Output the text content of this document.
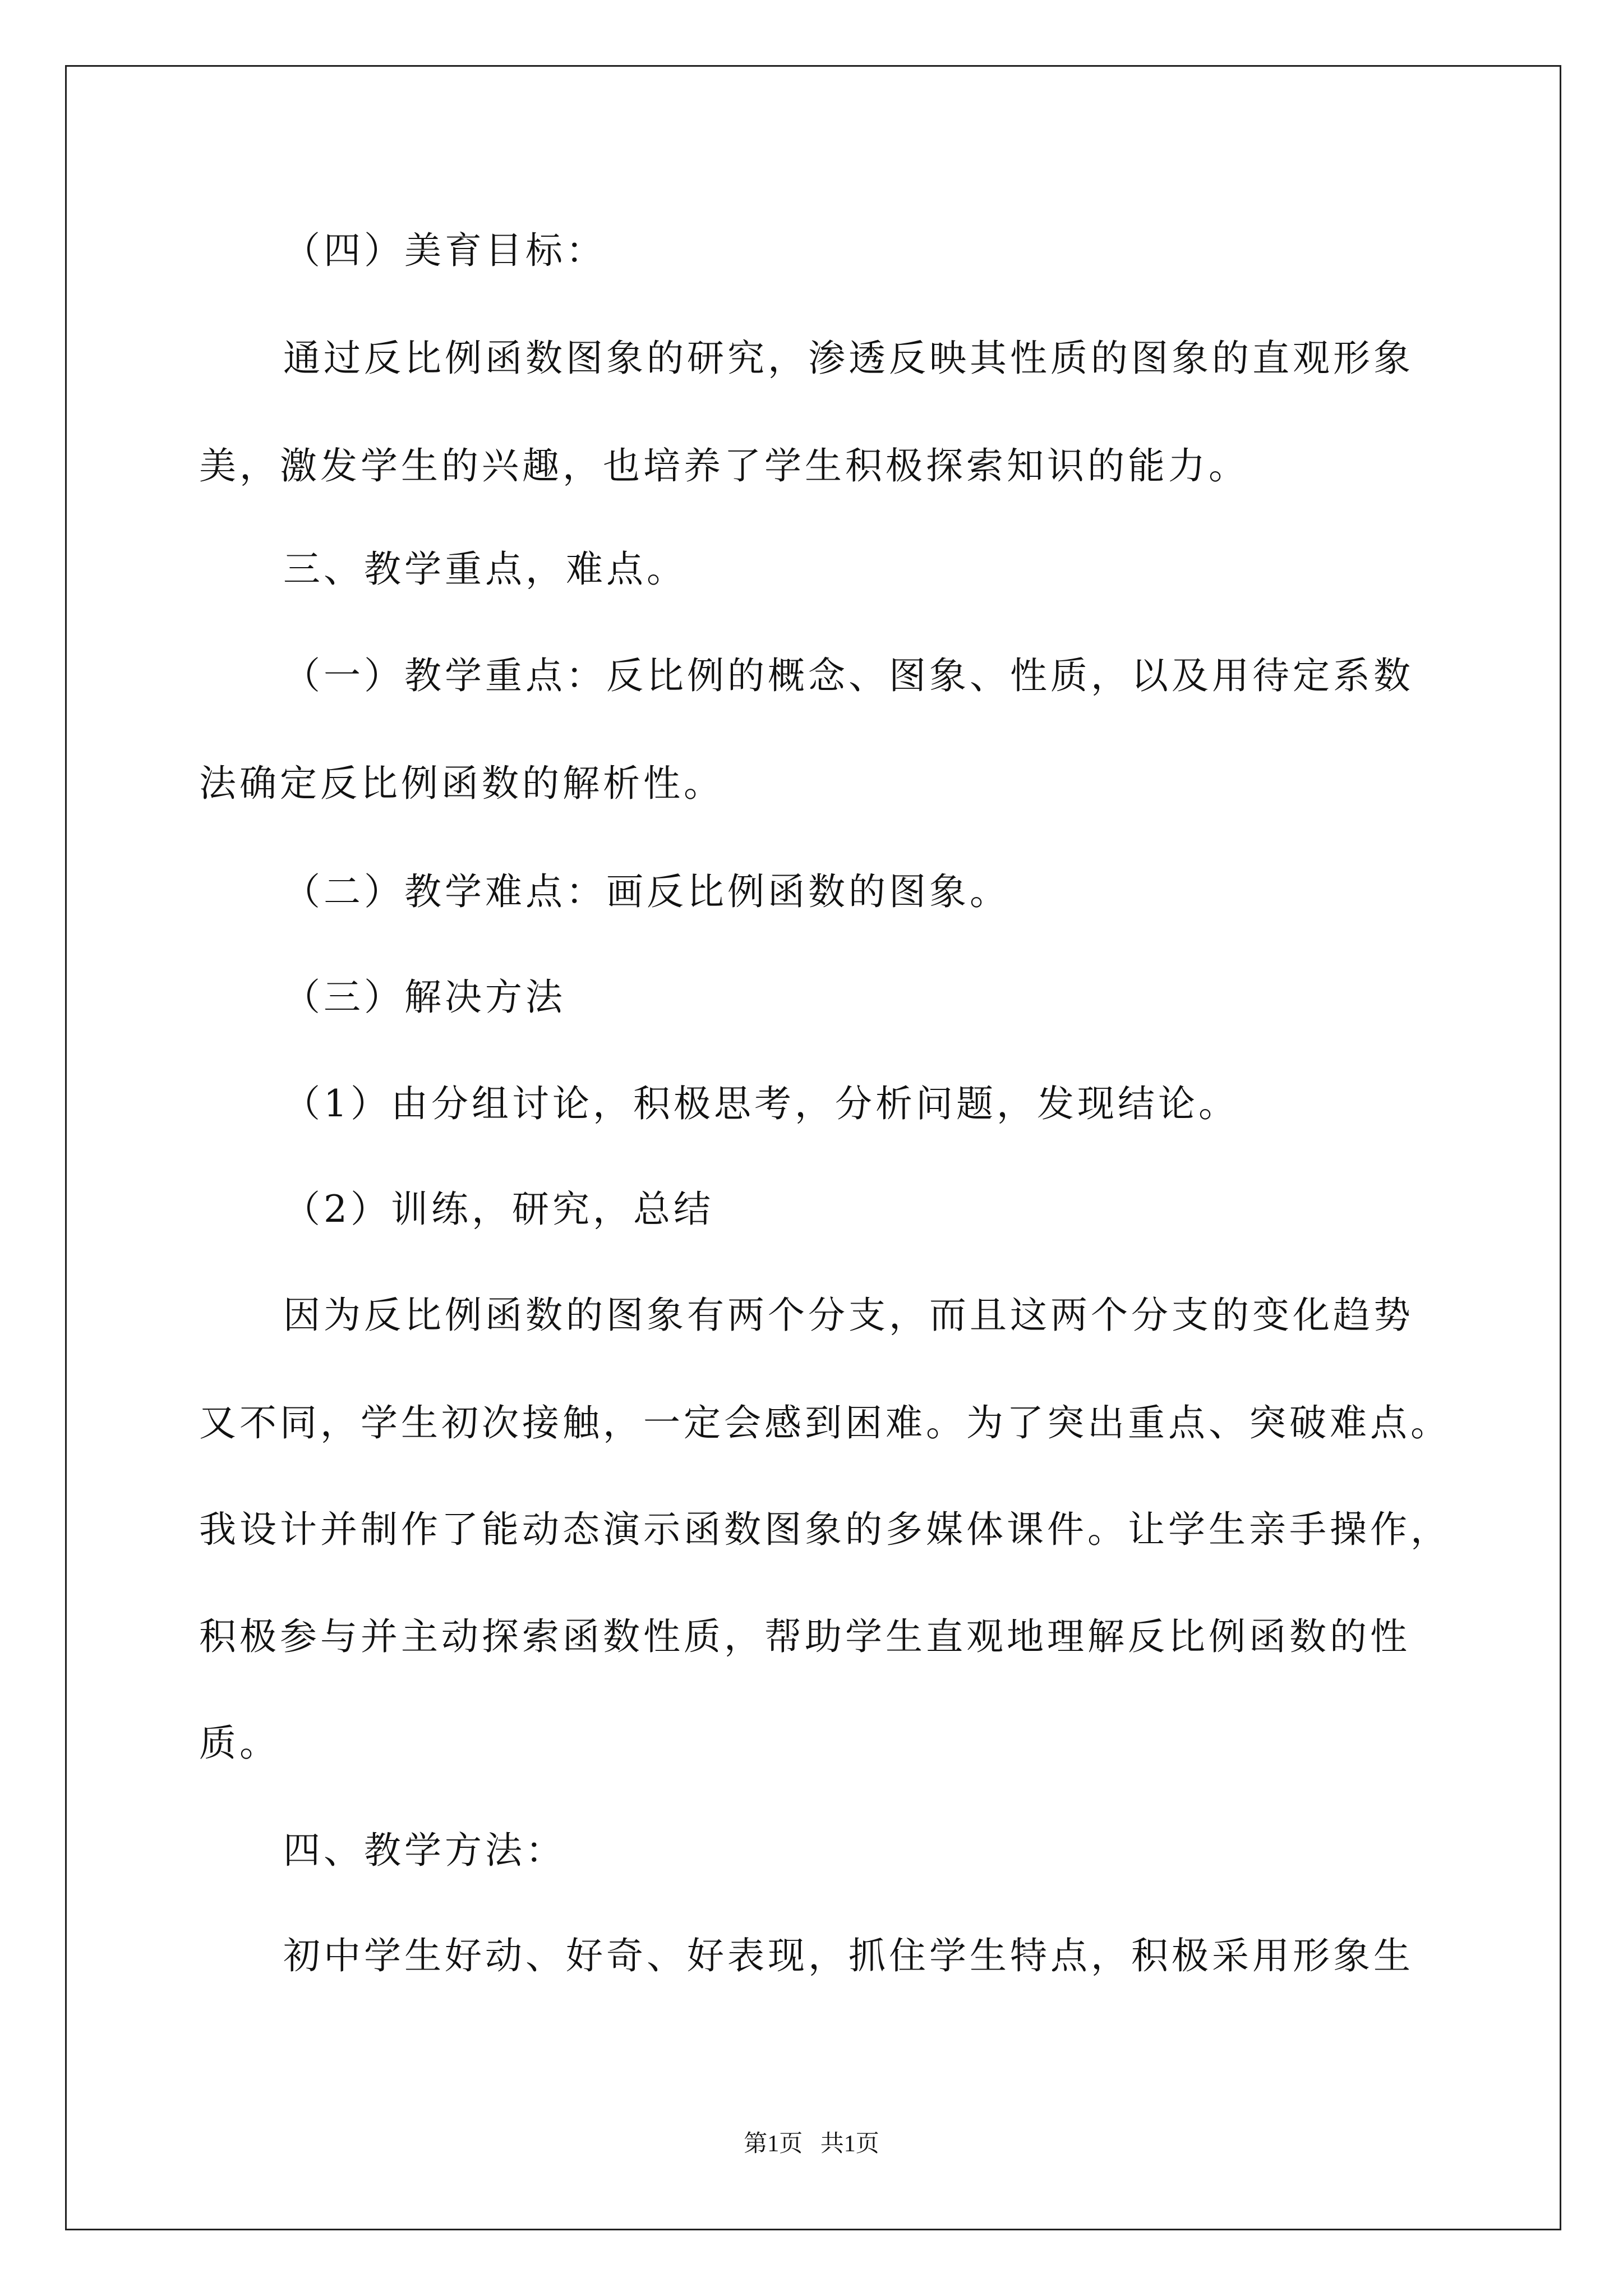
（四）美育目标：
通过反比例函数图象的研究，渗透反映其性质的图象的直观形象
美，激发学生的兴趣，也培养了学生积极探索知识的能力。
三、教学重点，难点。
（一）教学重点：反比例的概念、图象、性质，以及用待定系数
法确定反比例函数的解析性。
（二）教学难点：画反比例函数的图象。
（三）解决方法
（1）由分组讨论，积极思考，分析问题，发现结论。
（2）训练，研究，总结
因为反比例函数的图象有两个分支，而且这两个分支的变化趋势
又不同，学生初次接触，一定会感到困难。为了突出重点、突破难点。
我设计并制作了能动态演示函数图象的多媒体课件。让学生亲手操作，
积极参与并主动探索函数性质，帮助学生直观地理解反比例函数的性
质。
四、教学方法：
初中学生好动、好奇、好表现，抓住学生特点，积极采用形象生
第1页   共1页
